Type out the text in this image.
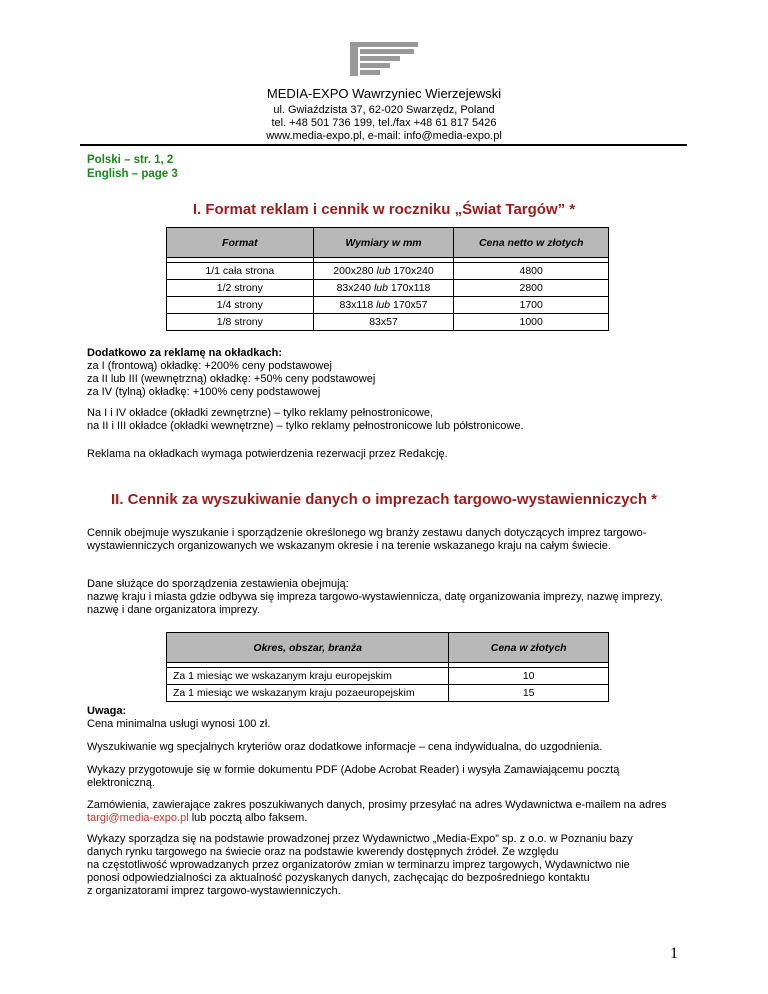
MEDIA-EXPO Wawrzyniec Wierzejewski
ul. Gwiaździsta 37, 62-020 Swarzędz, Poland
tel. +48 501 736 199, tel./fax +48 61 817 5426
www.media-expo.pl, e-mail: info@media-expo.pl
Polski – str. 1, 2
English – page 3
I. Format reklam i cennik w roczniku „Świat Targów” *
Format	Wymiary w mm	Cena netto w złotych

1/1 cała strona	200x280 lub 170x240	4800
1/2 strony	83x240 lub 170x118	2800
1/4 strony	83x118 lub 170x57	1700
1/8 strony	83x57	1000
Dodatkowo za reklamę na okładkach:
za I (frontową) okładkę: +200% ceny podstawowej
za II lub III (wewnętrzną) okładkę: +50% ceny podstawowej
za IV (tylną) okładkę: +100% ceny podstawowej
Na I i IV okładce (okładki zewnętrzne) – tylko reklamy pełnostronicowe,
na II i III okładce (okładki wewnętrzne) – tylko reklamy pełnostronicowe lub półstronicowe.
Reklama na okładkach wymaga potwierdzenia rezerwacji przez Redakcję.
II. Cennik za wyszukiwanie danych o imprezach targowo-wystawienniczych *
Cennik obejmuje wyszukanie i sporządzenie określonego wg branży zestawu danych dotyczących imprez targowo-wystawienniczych organizowanych we wskazanym okresie i na terenie wskazanego kraju na całym świecie.
Dane służące do sporządzenia zestawienia obejmują:
nazwę kraju i miasta gdzie odbywa się impreza targowo-wystawiennicza, datę organizowania imprezy, nazwę imprezy, nazwę i dane organizatora imprezy.
Okres, obszar, branża	Cena w złotych

Za 1 miesiąc we wskazanym kraju europejskim	10
Za 1 miesiąc we wskazanym kraju pozaeuropejskim	15
Uwaga:
Cena minimalna usługi wynosi 100 zł.
Wyszukiwanie wg specjalnych kryteriów oraz dodatkowe informacje – cena indywidualna, do uzgodnienia.
Wykazy przygotowuje się w formie dokumentu PDF (Adobe Acrobat Reader) i wysyła Zamawiającemu pocztą elektroniczną.
Zamówienia, zawierające zakres poszukiwanych danych, prosimy przesyłać na adres Wydawnictwa e-mailem na adres targi@media-expo.pl lub pocztą albo faksem.
Wykazy sporządza się na podstawie prowadzonej przez Wydawnictwo „Media-Expo” sp. z o.o. w Poznaniu bazy
danych rynku targowego na świecie oraz na podstawie kwerendy dostępnych źródeł. Ze względu
na częstotliwość wprowadzanych przez organizatorów zmian w terminarzu imprez targowych, Wydawnictwo nie
ponosi odpowiedzialności za aktualność pozyskanych danych, zachęcając do bezpośredniego kontaktu
z organizatorami imprez targowo-wystawienniczych.
1
